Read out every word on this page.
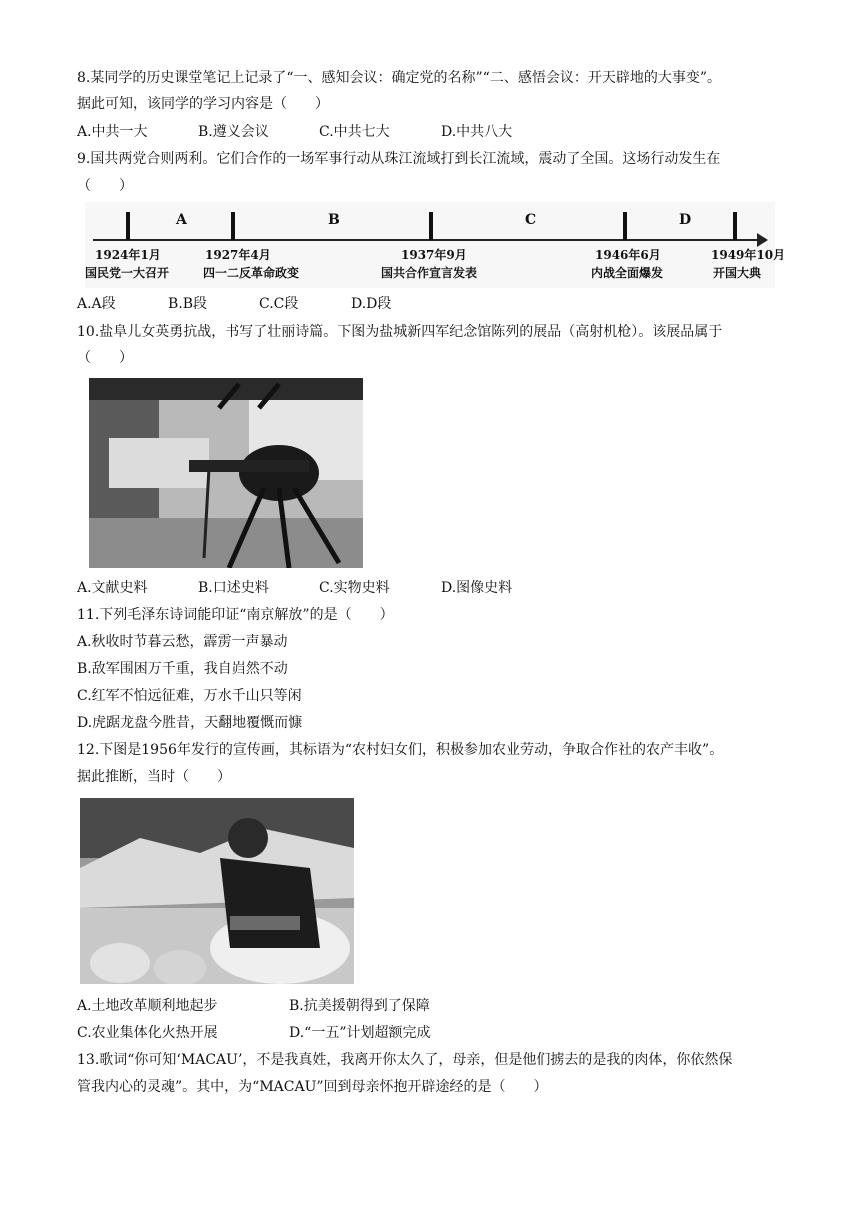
8.某同学的历史课堂笔记上记录了“一、感知会议：确定党的名称”“二、感悟会议：开天辟地的大事变”。
据此可知，该同学的学习内容是（　　）
A.中共一大	B.遵义会议	C.中共七大	D.中共八大
9.国共两党合则两利。它们合作的一场军事行动从珠江流域打到长江流域，震动了全国。这场行动发生在
（　　）
A	B	C	D
1924年1月	1927年4月	1937年9月	1946年6月	1949年10月
国民党一大召开	四一二反革命政变	国共合作宣言发表	内战全面爆发	开国大典
A.A段	B.B段	C.C段	D.D段
10.盐阜儿女英勇抗战，书写了壮丽诗篇。下图为盐城新四军纪念馆陈列的展品（高射机枪）。该展品属于
（　　）
A.文献史料	B.口述史料	C.实物史料	D.图像史料
11.下列毛泽东诗词能印证“南京解放”的是（　　）
A.秋收时节暮云愁，霹雳一声暴动
B.敌军围困万千重，我自岿然不动
C.红军不怕远征难，万水千山只等闲
D.虎踞龙盘今胜昔，天翻地覆慨而慷
12.下图是1956年发行的宣传画，其标语为“农村妇女们，积极参加农业劳动，争取合作社的农产丰收”。
据此推断，当时（　　）
A.土地改革顺利地起步	B.抗美援朝得到了保障
C.农业集体化火热开展	D.“一五”计划超额完成
13.歌词“你可知‘MACAU’，不是我真姓，我离开你太久了，母亲，但是他们掳去的是我的肉体，你依然保
管我内心的灵魂”。其中，为“MACAU”回到母亲怀抱开辟途经的是（　　）
